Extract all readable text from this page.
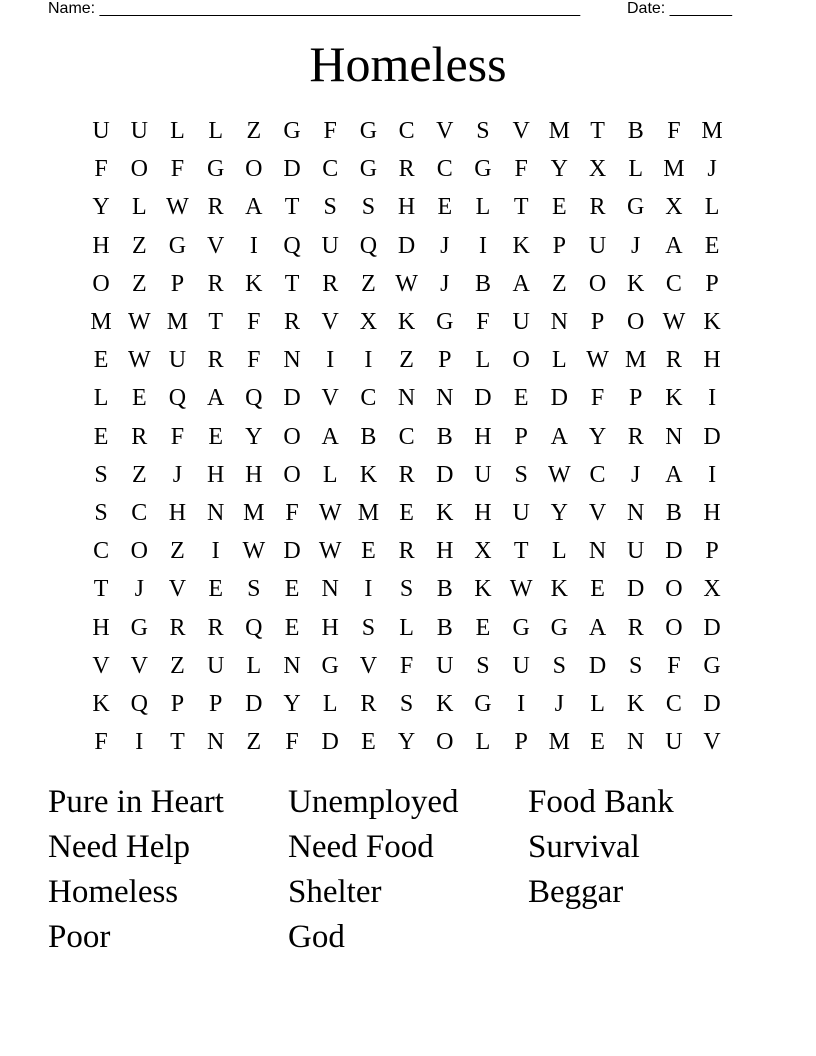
Name: ______________________________________________________	Date: _______
Homeless
U U L L Z G F G C V S V M T B F M
F O F G O D C G R C G F Y X L M J
Y L W R A T	S	S H E L T E R G X L
H Z G V	I	Q U Q D	J	I	K P U	J	A E
O Z	P R K T R Z W J	B A Z O K C P
M W M T	F R V X K G F U N P O W K
E W U R F N	I	I	Z	P	L O L W M R H
L E Q A Q D V C N N D E D F	P K	I
E R F	E Y O A B C B H P A Y R N D
S	Z	J	H H O L K R D U S W C	J	A	I
S C H N M F W M E K H U Y V N B H
C O Z	I W D W E R H X T L N U D P
T	J	V E	S	E N	I	S B K W K E D O X
H G R R Q E H S	L B E G G A R O D
V V Z U L N G V F U S U S D S	F G
K Q P	P D Y L R S K G	I	J	L K C D
F	I	T N Z	F D E Y O L	P M E N U V
Pure in Heart	Unemployed	Food Bank
Need Help	Need Food	Survival
Homeless	Shelter	Beggar
Poor	God
